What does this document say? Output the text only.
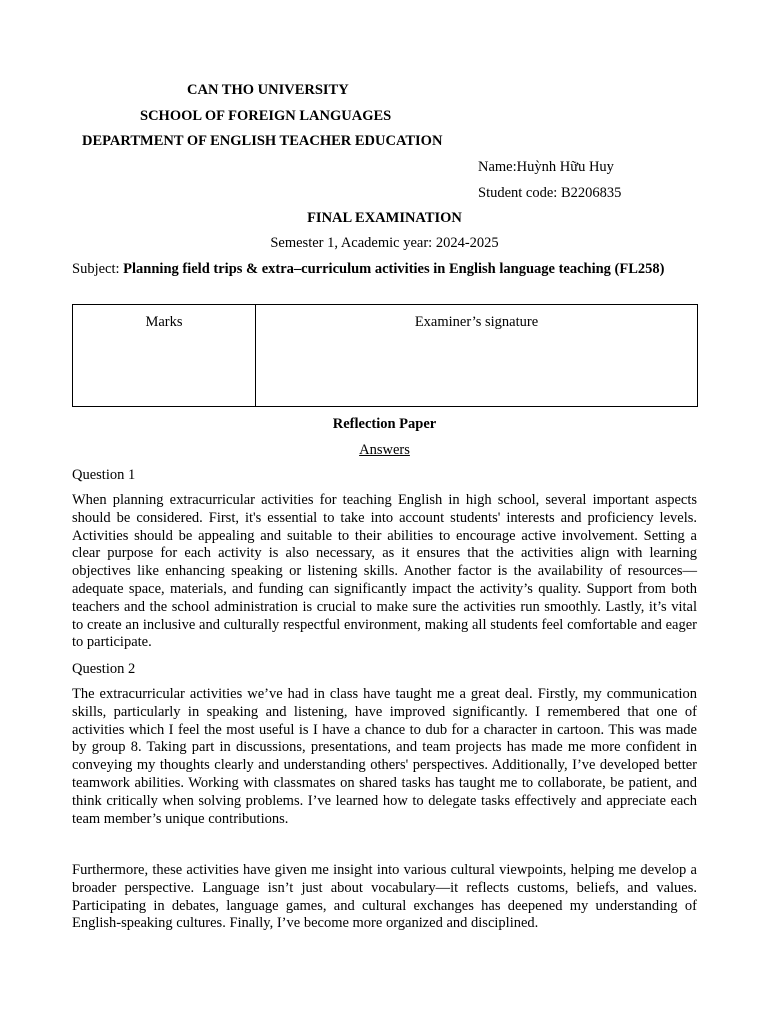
CAN THO UNIVERSITY
SCHOOL OF FOREIGN LANGUAGES
DEPARTMENT OF ENGLISH TEACHER EDUCATION
Name:Huỳnh Hữu Huy
Student code: B2206835
FINAL EXAMINATION
Semester 1, Academic year: 2024-2025
Subject: Planning field trips & extra–curriculum activities in English language teaching (FL258)
Marks	Examiner’s signature
Reflection Paper
Answers
Question 1
When planning extracurricular activities for teaching English in high school, several important aspects should be considered. First, it's essential to take into account students' interests and proficiency levels. Activities should be appealing and suitable to their abilities to encourage active involvement. Setting a clear purpose for each activity is also necessary, as it ensures that the activities align with learning objectives like enhancing speaking or listening skills. Another factor is the availability of resources—adequate space, materials, and funding can significantly impact the activity’s quality. Support from both teachers and the school administration is crucial to make sure the activities run smoothly. Lastly, it’s vital to create an inclusive and culturally respectful environment, making all students feel comfortable and eager to participate.
Question 2
The extracurricular activities we’ve had in class have taught me a great deal. Firstly, my communication skills, particularly in speaking and listening, have improved significantly. I remembered that one of activities which I feel the most useful is I have a chance to dub for a character in cartoon. This was made by group 8. Taking part in discussions, presentations, and team projects has made me more confident in conveying my thoughts clearly and understanding others' perspectives. Additionally, I’ve developed better teamwork abilities. Working with classmates on shared tasks has taught me to collaborate, be patient, and think critically when solving problems. I’ve learned how to delegate tasks effectively and appreciate each team member’s unique contributions.
Furthermore, these activities have given me insight into various cultural viewpoints, helping me develop a broader perspective. Language isn’t just about vocabulary—it reflects customs, beliefs, and values. Participating in debates, language games, and cultural exchanges has deepened my understanding of English-speaking cultures. Finally, I’ve become more organized and disciplined.
